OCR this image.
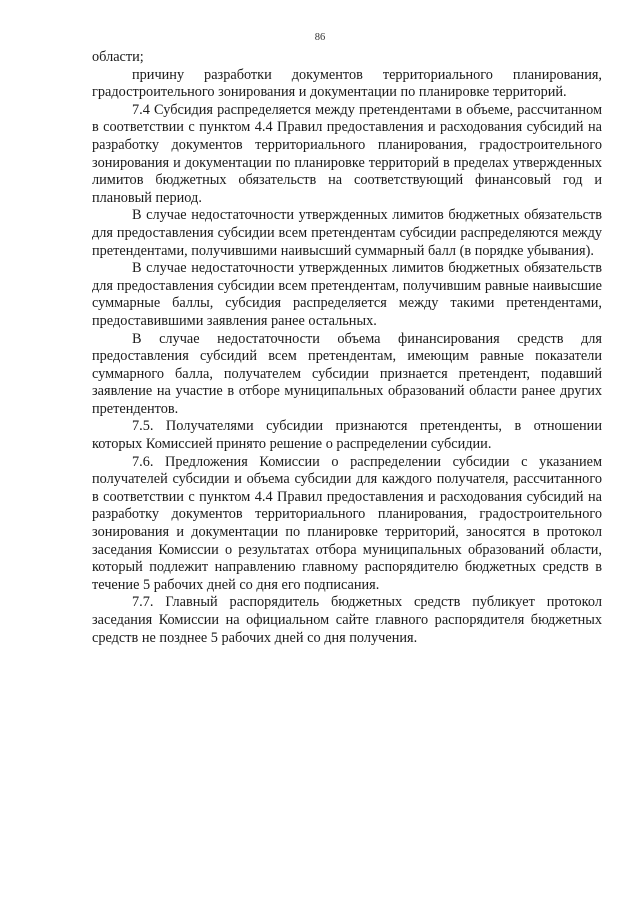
86

области;

причину разработки документов территориального планирования, градостроительного зонирования и документации по планировке территорий.

7.4 Субсидия распределяется между претендентами в объеме, рассчитанном в соответствии с пунктом 4.4 Правил предоставления и расходования субсидий на разработку документов территориального планирования, градостроительного зонирования и документации по планировке территорий в пределах утвержденных лимитов бюджетных обязательств на соответствующий финансовый год и плановый период.

В случае недостаточности утвержденных лимитов бюджетных обязательств для предоставления субсидии всем претендентам субсидии распределяются между претендентами, получившими наивысший суммарный балл (в порядке убывания).

В случае недостаточности утвержденных лимитов бюджетных обязательств для предоставления субсидии всем претендентам, получившим равные наивысшие суммарные баллы, субсидия распределяется между такими претендентами, предоставившими заявления ранее остальных.

В случае недостаточности объема финансирования средств для предоставления субсидий всем претендентам, имеющим равные показатели суммарного балла, получателем субсидии признается претендент, подавший заявление на участие в отборе муниципальных образований области ранее других претендентов.

7.5. Получателями субсидии признаются претенденты, в отношении которых Комиссией принято решение о распределении субсидии.

7.6. Предложения Комиссии о распределении субсидии с указанием получателей субсидии и объема субсидии для каждого получателя, рассчитанного в соответствии с пунктом 4.4 Правил предоставления и расходования субсидий на разработку документов территориального планирования, градостроительного зонирования и документации по планировке территорий, заносятся в протокол заседания Комиссии о результатах отбора муниципальных образований области, который подлежит направлению главному распорядителю бюджетных средств в течение 5 рабочих дней со дня его подписания.

7.7. Главный распорядитель бюджетных средств публикует протокол заседания Комиссии на официальном сайте главного распорядителя бюджетных средств не позднее 5 рабочих дней со дня получения.
